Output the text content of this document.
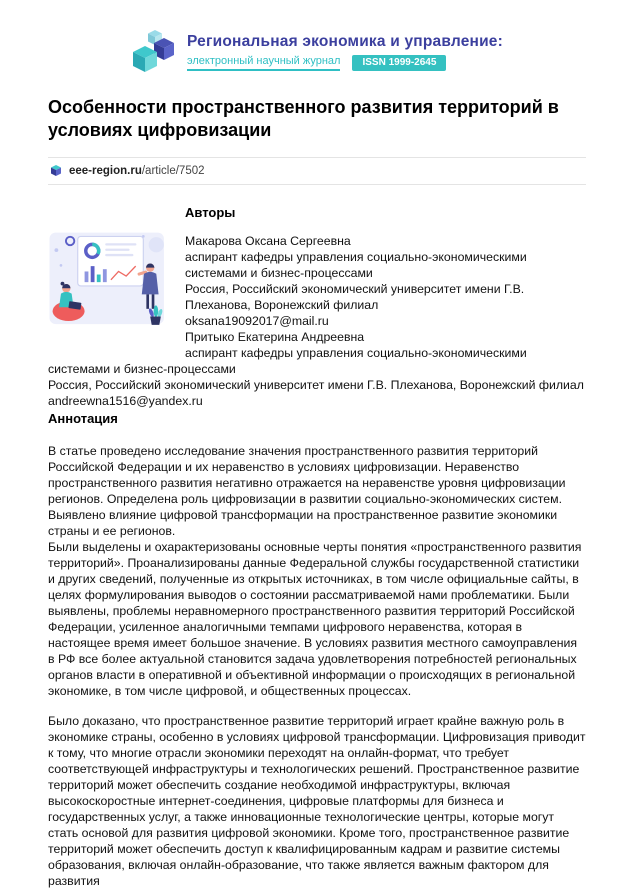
Региональная экономика и управление:
электронный научный журнал	ISSN 1999-2645
Особенности пространственного развития территорий в условиях цифровизации
eee-region.ru/article/7502
Авторы
Макарова Оксана Сергеевна
аспирант кафедры управления социально-экономическими системами и бизнес-процессами
Россия, Российский экономический университет имени Г.В. Плеханова, Воронежский филиал
oksana19092017@mail.ru
Притыко Екатерина Андреевна
аспирант кафедры управления социально-экономическими системами и бизнес-процессами
Россия, Российский экономический университет имени Г.В. Плеханова, Воронежский филиал
andreewna1516@yandex.ru
Аннотация

В статье проведено исследование значения пространственного развития территорий Российской Федерации и их неравенство в условиях цифровизации. Неравенство пространственного развития негативно отражается на неравенстве уровня цифровизации регионов. Определена роль цифровизации в развитии социально-экономических систем. Выявлено влияние цифровой трансформации на пространственное развитие экономики страны и ее регионов.

Были выделены и охарактеризованы основные черты понятия «пространственного развития территорий». Проанализированы данные Федеральной службы государственной статистики и других сведений, полученные из открытых источниках, в том числе официальные сайты, в целях формулирования выводов о состоянии рассматриваемой нами проблематики. Были выявлены, проблемы неравномерного пространственного развития территорий Российской Федерации, усиленное аналогичными темпами цифрового неравенства, которая в настоящее время имеет большое значение. В условиях развития местного самоуправления в РФ все более актуальной становится задача удовлетворения потребностей региональных органов власти в оперативной и объективной информации о происходящих в региональной экономике, в том числе цифровой, и общественных процессах.

Было доказано, что пространственное развитие территорий играет крайне важную роль в экономике страны, особенно в условиях цифровой трансформации. Цифровизация приводит к тому, что многие отрасли экономики переходят на онлайн-формат, что требует соответствующей инфраструктуры и технологических решений. Пространственное развитие территорий может обеспечить создание необходимой инфраструктуры, включая высокоскоростные интернет-соединения, цифровые платформы для бизнеса и государственных услуг, а также инновационные технологические центры, которые могут стать основой для развития цифровой экономики. Кроме того, пространственное развитие территорий может обеспечить доступ к квалифицированным кадрам и развитие системы образования, включая онлайн-образование, что также является важным фактором для развития
